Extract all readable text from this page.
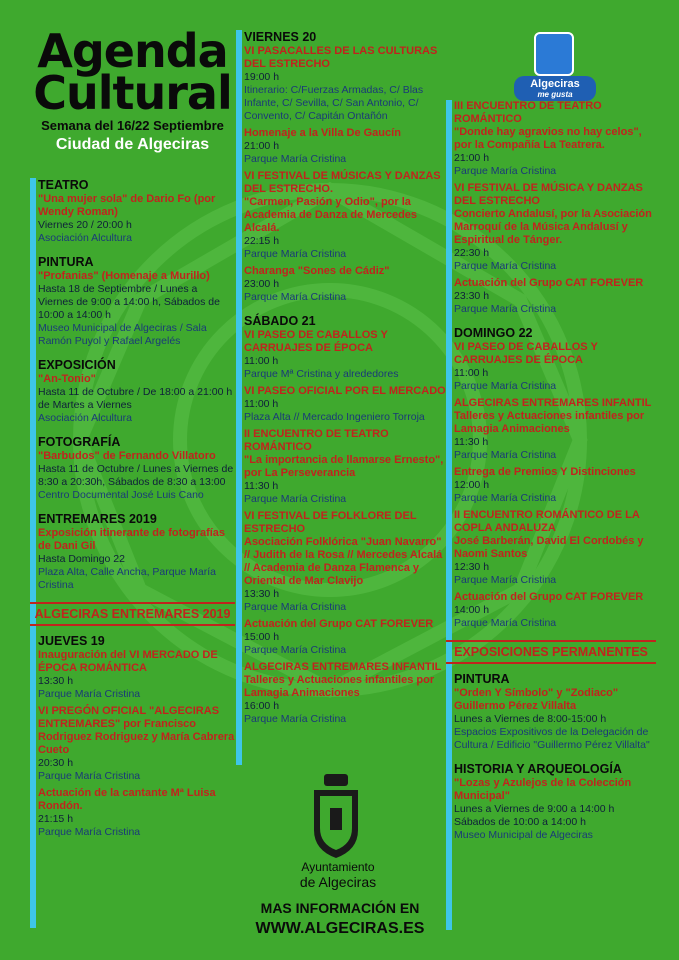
Agenda
Cultural
Semana del 16/22 Septiembre
Ciudad de Algeciras
Algeciras
me gusta
TEATRO
"Una mujer sola" de Dario Fo (por Wendy Roman)
Viernes 20 / 20:00 h
Asociación Alcultura
PINTURA
"Profanias" (Homenaje a Murillo)
Hasta 18 de Septiembre / Lunes a Viernes de 9:00 a 14:00 h, Sábados de 10:00 a 14:00 h
Museo Municipal de Algeciras / Sala Ramón Puyol y Rafael Argelés
EXPOSICIÓN
"An-Tonio"
Hasta 11 de Octubre / De 18:00 a 21:00 h de Martes a Viernes
Asociación Alcultura
FOTOGRAFÍA
"Barbudos" de Fernando Villatoro
Hasta 11 de Octubre / Lunes a Viernes de 8:30 a 20:30h, Sábados de 8:30 a 13:00
Centro Documental José Luis Cano
ENTREMARES 2019
Exposición itinerante de fotografías de Dani Gil
Hasta Domingo 22
Plaza Alta, Calle Ancha, Parque María Cristina
ALGECIRAS ENTREMARES 2019
JUEVES 19
Inauguración del VI MERCADO DE ÉPOCA ROMÁNTICA
13:30 h
Parque María Cristina
VI PREGÓN OFICIAL "ALGECIRAS ENTREMARES" por Francisco Rodriguez Rodriguez y María Cabrera Cueto
20:30 h
Parque María Cristina
Actuación de la cantante Mª Luisa Rondón.
21:15 h
Parque María Cristina
VIERNES 20
VI PASACALLES DE LAS CULTURAS DEL ESTRECHO
19:00 h
Itinerario: C/Fuerzas Armadas, C/ Blas Infante, C/ Sevilla, C/ San Antonio, C/ Convento, C/ Capitán Ontañón
Homenaje a la Villa De Gaucín
21:00 h
Parque María Cristina
VI FESTIVAL DE MÚSICAS Y DANZAS DEL ESTRECHO.
"Carmen, Pasión y Odio", por la Academia de Danza de Mercedes Alcalá.
22:15 h
Parque María Cristina
Charanga "Sones de Cádiz"
23:00 h
Parque María Cristina
SÁBADO 21
VI PASEO DE CABALLOS Y CARRUAJES DE ÉPOCA
11:00 h
Parque Mª Cristina y alrededores
VI PASEO OFICIAL POR EL MERCADO
11:00 h
Plaza Alta // Mercado Ingeniero Torroja
II ENCUENTRO DE TEATRO ROMÁNTICO
"La importancia de llamarse Ernesto", por La Perseverancia
11:30 h
Parque María Cristina
VI FESTIVAL DE FOLKLORE DEL ESTRECHO
Asociación Folklórica "Juan Navarro" // Judith de la Rosa // Mercedes Alcalá // Academia de Danza Flamenca y Oriental de Mar Clavijo
13:30 h
Parque María Cristina
Actuación del Grupo CAT FOREVER
15:00 h
Parque María Cristina
ALGECIRAS ENTREMARES INFANTIL Talleres y Actuaciones infantiles por Lamagia Animaciones
16:00 h
Parque María Cristina
III ENCUENTRO DE TEATRO ROMÁNTICO
"Donde hay agravios no hay celos", por la Compañía La Teatrera.
21:00 h
Parque María Cristina
VI FESTIVAL DE MÚSICA Y DANZAS DEL ESTRECHO
Concierto Andalusí, por la Asociación Marroquí de la Música Andalusí y Espiritual de Tánger.
22:30 h
Parque María Cristina
Actuación del Grupo CAT FOREVER
23:30 h
Parque María Cristina
DOMINGO 22
VI PASEO DE CABALLOS Y CARRUAJES DE ÉPOCA
11:00 h
Parque María Cristina
ALGECIRAS ENTREMARES INFANTIL Talleres y Actuaciones infantiles por Lamagia Animaciones
11:30 h
Parque María Cristina
Entrega de Premios Y Distinciones
12:00 h
Parque María Cristina
II ENCUENTRO ROMÁNTICO DE LA COPLA ANDALUZA
José Barberán, David El Cordobés y Naomi Santos
12:30 h
Parque María Cristina
Actuación del Grupo CAT FOREVER
14:00 h
Parque María Cristina
EXPOSICIONES PERMANENTES
PINTURA
"Orden Y Símbolo" y "Zodiaco" Guillermo Pérez Villalta
Lunes a Viernes de 8:00-15:00 h
Espacios Expositivos de la Delegación de Cultura / Edificio "Guillermo Pérez Villalta"
HISTORIA Y ARQUEOLOGÍA
"Lozas y Azulejos de la Colección Municipal"
Lunes a Viernes de 9:00 a 14:00 h Sábados de 10:00 a 14:00 h
Museo Municipal de Algeciras
Ayuntamiento
de Algeciras
MAS INFORMACIÓN EN
WWW.ALGECIRAS.ES
